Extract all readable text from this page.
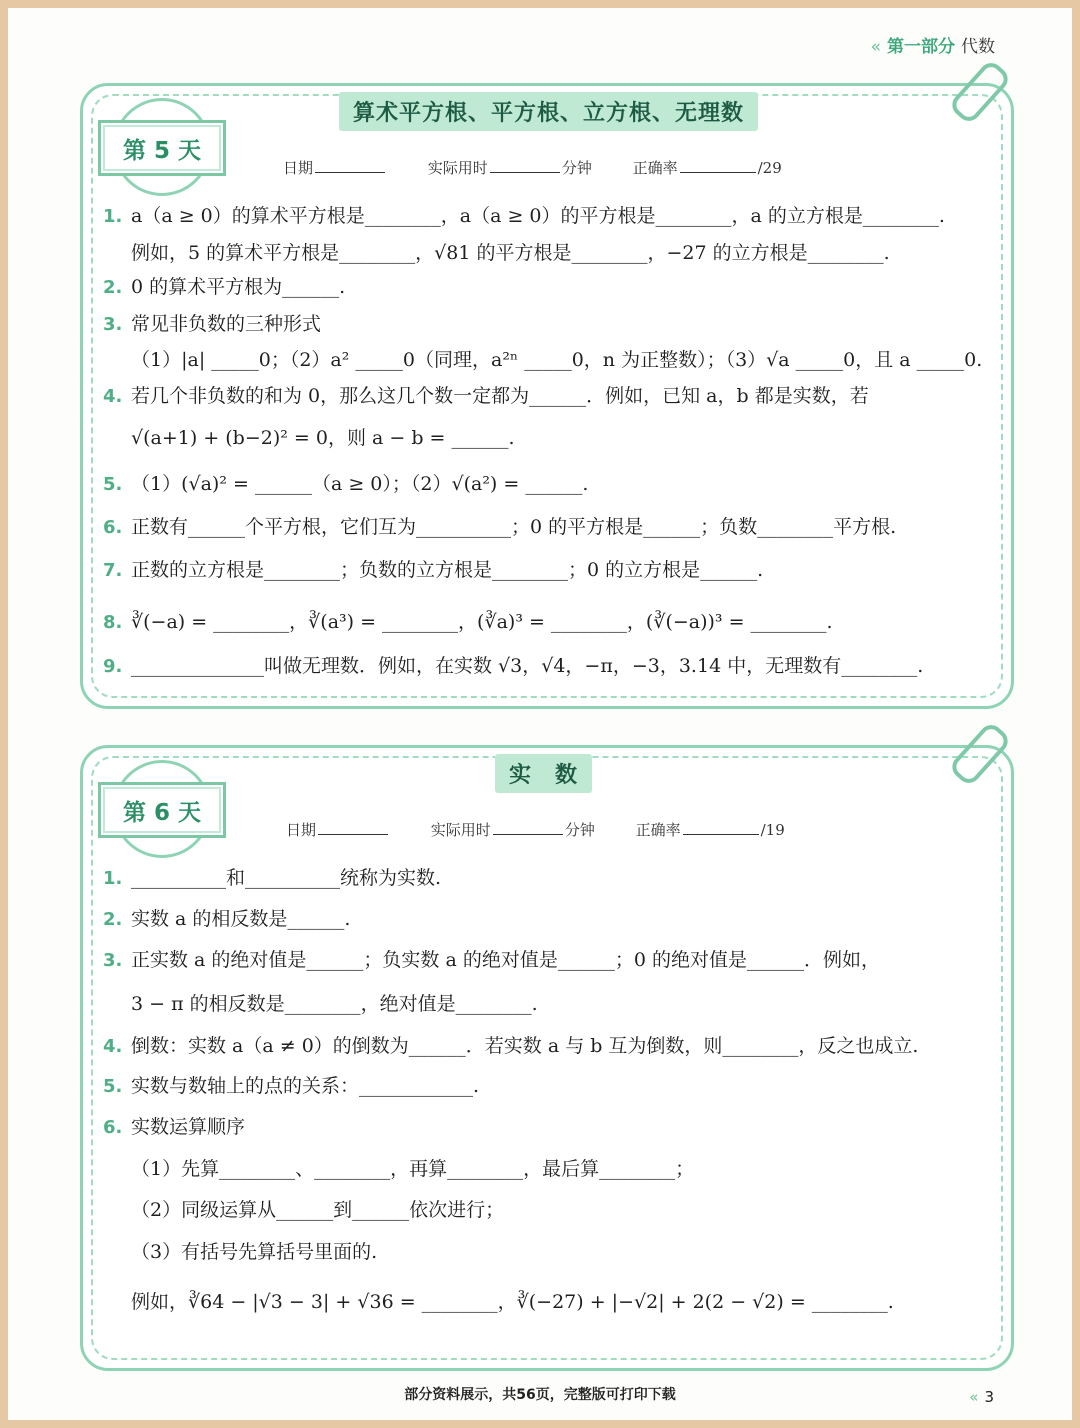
« 第一部分 代数
第 5 天
算术平方根、平方根、立方根、无理数
日期	实际用时	分钟	正确率	/29
1. a（a ≥ 0）的算术平方根是________，a（a ≥ 0）的平方根是________，a 的立方根是________.
例如，5 的算术平方根是________，√81 的平方根是________，−27 的立方根是________.
2. 0 的算术平方根为______.
3. 常见非负数的三种形式
（1）|a| _____0；（2）a² _____0（同理，a²ⁿ _____0，n 为正整数）；（3）√a _____0，且 a _____0.
4. 若几个非负数的和为 0，那么这几个数一定都为______．例如，已知 a，b 都是实数，若
√(a+1) + (b−2)² = 0，则 a − b = ______.
5. （1）(√a)² = ______（a ≥ 0）；（2）√(a²) = ______.
6. 正数有______个平方根，它们互为__________；0 的平方根是______；负数________平方根.
7. 正数的立方根是________；负数的立方根是________；0 的立方根是______.
8. ∛(−a) = ________，∛(a³) = ________，(∛a)³ = ________，(∛(−a))³ = ________.
9. ______________叫做无理数．例如，在实数 √3，√4，−π，−3，3.14 中，无理数有________.
第 6 天
实　数
日期	实际用时	分钟	正确率	/19
1. __________和__________统称为实数.
2. 实数 a 的相反数是______.
3. 正实数 a 的绝对值是______；负实数 a 的绝对值是______；0 的绝对值是______．例如，
3 − π 的相反数是________，绝对值是________.
4. 倒数：实数 a（a ≠ 0）的倒数为______．若实数 a 与 b 互为倒数，则________，反之也成立.
5. 实数与数轴上的点的关系：____________.
6. 实数运算顺序
（1）先算________、________，再算________，最后算________；
（2）同级运算从______到______依次进行；
（3）有括号先算括号里面的.
例如，∛64 − |√3 − 3| + √36 = ________，∛(−27) + |−√2| + 2(2 − √2) = ________.
部分资料展示，共56页，完整版可打印下载	« 3
